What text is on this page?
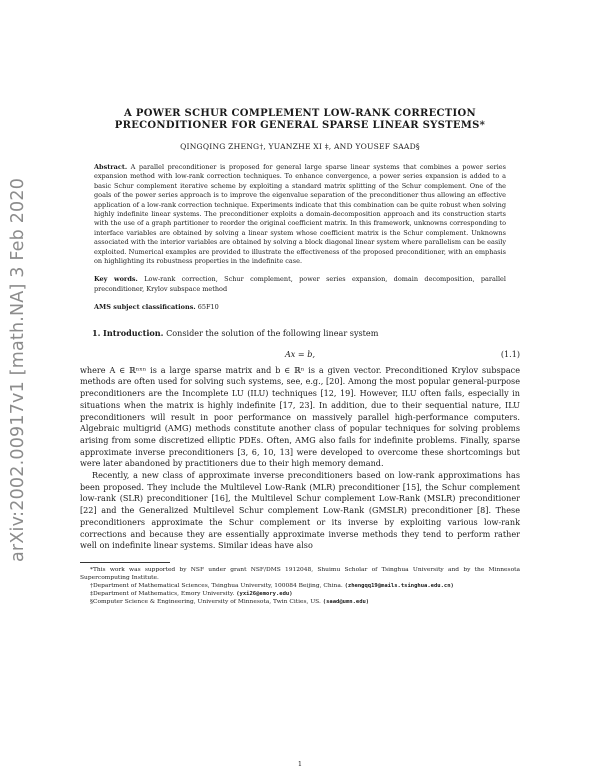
arXiv:2002.00917v1 [math.NA] 3 Feb 2020

A POWER SCHUR COMPLEMENT LOW-RANK CORRECTION

PRECONDITIONER FOR GENERAL SPARSE LINEAR SYSTEMS*

QINGQING ZHENG†, YUANZHE XI ‡, AND YOUSEF SAAD§
Abstract. A parallel preconditioner is proposed for general large sparse linear systems that combines a power series expansion method with low-rank correction techniques. To enhance convergence, a power series expansion is added to a basic Schur complement iterative scheme by exploiting a standard matrix splitting of the Schur complement. One of the goals of the power series approach is to improve the eigenvalue separation of the preconditioner thus allowing an effective application of a low-rank correction technique. Experiments indicate that this combination can be quite robust when solving highly indefinite linear systems. The preconditioner exploits a domain-decomposition approach and its construction starts with the use of a graph partitioner to reorder the original coefficient matrix. In this framework, unknowns corresponding to interface variables are obtained by solving a linear system whose coefficient matrix is the Schur complement. Unknowns associated with the interior variables are obtained by solving a block diagonal linear system where parallelism can be easily exploited. Numerical examples are provided to illustrate the effectiveness of the proposed preconditioner, with an emphasis on highlighting its robustness properties in the indefinite case.
Key words. Low-rank correction, Schur complement, power series expansion, domain decomposition, parallel preconditioner, Krylov subspace method
AMS subject classifications. 65F10
1. Introduction. Consider the solution of the following linear system
Ax = b,	(1.1)

where A ∈ ℝⁿˣⁿ is a large sparse matrix and b ∈ ℝⁿ is a given vector. Preconditioned Krylov subspace methods are often used for solving such systems, see, e.g., [20]. Among the most popular general-purpose preconditioners are the Incomplete LU (ILU) techniques [12, 19]. However, ILU often fails, especially in situations when the matrix is highly indefinite [17, 23]. In addition, due to their sequential nature, ILU preconditioners will result in poor performance on massively parallel high-performance computers. Algebraic multigrid (AMG) methods constitute another class of popular techniques for solving problems arising from some discretized elliptic PDEs. Often, AMG also fails for indefinite problems. Finally, sparse approximate inverse preconditioners [3, 6, 10, 13] were developed to overcome these shortcomings but were later abandoned by practitioners due to their high memory demand.

Recently, a new class of approximate inverse preconditioners based on low-rank approximations has been proposed. They include the Multilevel Low-Rank (MLR) preconditioner [15], the Schur complement low-rank (SLR) preconditioner [16], the Multilevel Schur complement Low-Rank (MSLR) preconditioner [22] and the Generalized Multilevel Schur complement Low-Rank (GMSLR) preconditioner [8]. These preconditioners approximate the Schur complement or its inverse by exploiting various low-rank corrections and because they are essentially approximate inverse methods they tend to perform rather well on indefinite linear systems. Similar ideas have also

*This work was supported by NSF under grant NSF/DMS 1912048, Shuimu Scholar of Tsinghua University and by the Minnesota Supercomputing Institute.

†Department of Mathematical Sciences, Tsinghua University, 100084 Beijing, China. (zhengqq19@mails.tsinghua.edu.cn)

‡Department of Mathematics, Emory University. (yxi26@emory.edu)

§Computer Science & Engineering, University of Minnesota, Twin Cities, US. (saad@umn.edu)

1
